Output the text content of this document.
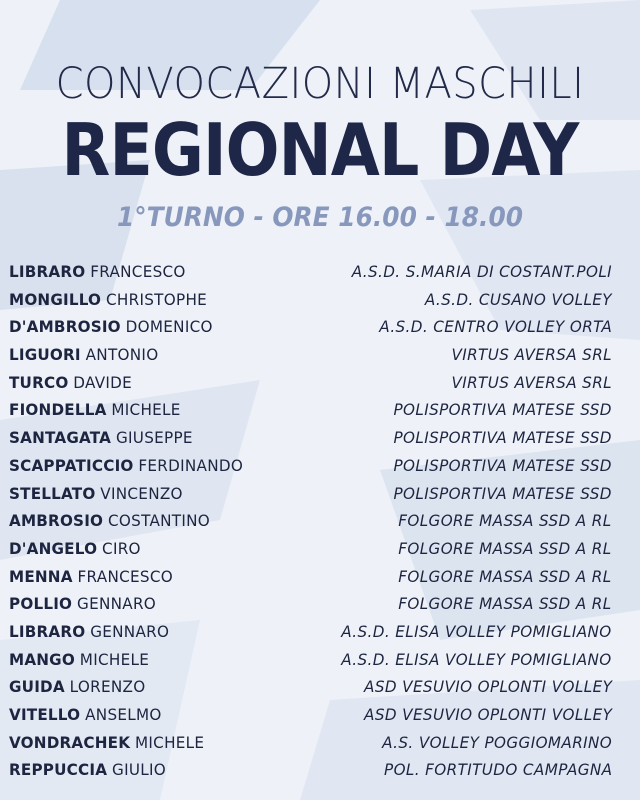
CONVOCAZIONI MASCHILI
REGIONAL DAY
1°TURNO - ORE 16.00 - 18.00
LIBRARO FRANCESCO	A.S.D. S.MARIA DI COSTANT.POLI
MONGILLO CHRISTOPHE	A.S.D. CUSANO VOLLEY
D'AMBROSIO DOMENICO	A.S.D. CENTRO VOLLEY ORTA
LIGUORI ANTONIO	VIRTUS AVERSA SRL
TURCO DAVIDE	VIRTUS AVERSA SRL
FIONDELLA MICHELE	POLISPORTIVA MATESE SSD
SANTAGATA GIUSEPPE	POLISPORTIVA MATESE SSD
SCAPPATICCIO FERDINANDO	POLISPORTIVA MATESE SSD
STELLATO VINCENZO	POLISPORTIVA MATESE SSD
AMBROSIO COSTANTINO	FOLGORE MASSA SSD A RL
D'ANGELO CIRO	FOLGORE MASSA SSD A RL
MENNA FRANCESCO	FOLGORE MASSA SSD A RL
POLLIO GENNARO	FOLGORE MASSA SSD A RL
LIBRARO GENNARO	A.S.D. ELISA VOLLEY POMIGLIANO
MANGO MICHELE	A.S.D. ELISA VOLLEY POMIGLIANO
GUIDA LORENZO	ASD VESUVIO OPLONTI VOLLEY
VITELLO ANSELMO	ASD VESUVIO OPLONTI VOLLEY
VONDRACHEK MICHELE	A.S. VOLLEY POGGIOMARINO
REPPUCCIA GIULIO	POL. FORTITUDO CAMPAGNA
